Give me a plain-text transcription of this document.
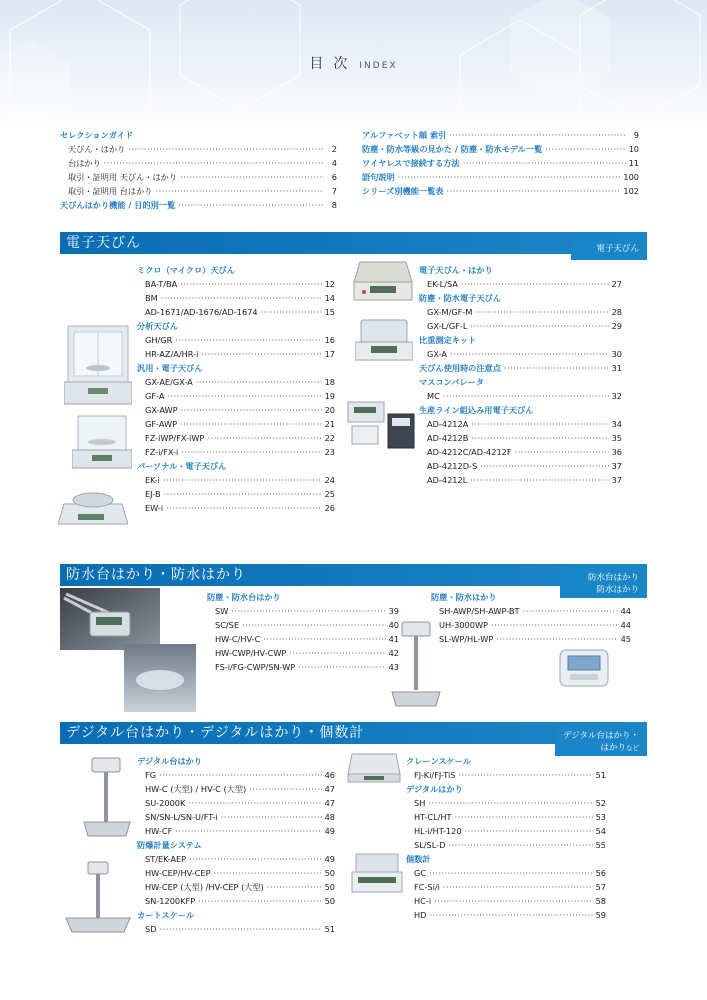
目次 INDEX
セレクションガイド
天びん・はかり ·····	2
台はかり ·····	4
取引・証明用 天びん・はかり ·····	6
取引・証明用 台はかり ·····	7
天びんはかり機能 / 目的別一覧 ·····	8
アルファベット順 索引 ·····	9
防塵・防水等級の見かた / 防塵・防水モデル一覧 ·····	10
ワイヤレスで接続する方法 ·····	11
語句説明 ·····	100
シリーズ別機能一覧表 ·····	102
電子天びん	電子天びん
ミクロ（マイクロ）天びん
BA-T/BA ·····	12
BM ·····	14
AD-1671/AD-1676/AD-1674 ·····	15
分析天びん
GH/GR ·····	16
HR-AZ/A/HR-i ·····	17
汎用・電子天びん
GX-AE/GX-A ·····	18
GF-A ·····	19
GX-AWP ·····	20
GF-AWP ·····	21
FZ-iWP/FX-iWP ·····	22
FZ-i/FX-i ·····	23
パーソナル・電子天びん
EK-i ·····	24
EJ-B ·····	25
EW-i ·····	26
電子天びん・はかり
EK-L/SA ·····	27
防塵・防水電子天びん
GX-M/GF-M ·····	28
GX-L/GF-L ·····	29
比重測定キット
GX-A ·····	30
天びん使用時の注意点 ·····	31
マスコンパレータ
MC ·····	32
生産ライン組込み用電子天びん
AD-4212A ·····	34
AD-4212B ·····	35
AD-4212C/AD-4212F ·····	36
AD-4212D-S ·····	37
AD-4212L ·····	37
防水台はかり・防水はかり	防水台はかり
防水はかり
防塵・防水台はかり
SW ·····	39
SC/SE ·····	40
HW-C/HV-C ·····	41
HW-CWP/HV-CWP ·····	42
FS-i/FG-CWP/SN-WP ·····	43
防塵・防水はかり
SH-AWP/SH-AWP-BT ·····	44
UH-3000WP ·····	44
SL-WP/HL-WP ·····	45
デジタル台はかり・デジタルはかり・個数計	デジタル台はかり・
はかりなど
デジタル台はかり
FG ·····	46
HW-C (大型) / HV-C (大型) ·····	47
SU-2000K ·····	47
SN/SN-L/SN-U/FT-i ·····	48
HW-CF ·····	49
防爆計量システム
ST/EK-AEP ·····	49
HW-CEP/HV-CEP ·····	50
HW-CEP (大型) /HV-CEP (大型) ·····	50
SN-1200KFP ·····	50
カートスケール
SD ·····	51
クレーンスケール
FJ-Ki/FJ-TiS ·····	51
デジタルはかり
SH ·····	52
HT-CL/HT ·····	53
HL-i/HT-120 ·····	54
SL/SL-D ·····	55
個数計
GC ·····	56
FC-Si/i ·····	57
HC-i ·····	58
HD ·····	59
